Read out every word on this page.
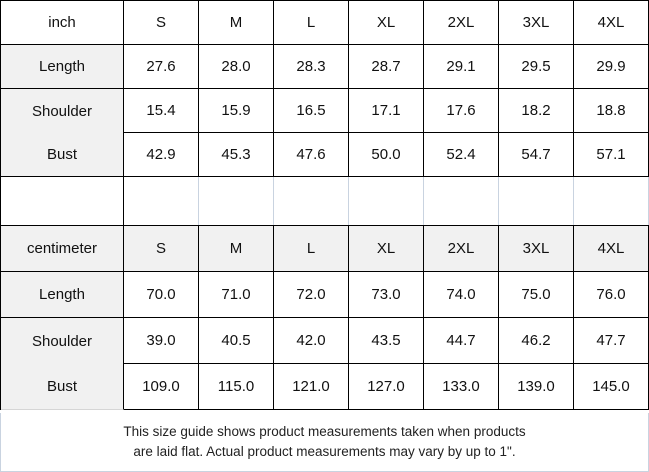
inch	S	M	L	XL	2XL	3XL	4XL
Length	27.6	28.0	28.3	28.7	29.1	29.5	29.9
Shoulder	15.4	15.9	16.5	17.1	17.6	18.2	18.8
Bust	42.9	45.3	47.6	50.0	52.4	54.7	57.1
centimeter	S	M	L	XL	2XL	3XL	4XL
Length	70.0	71.0	72.0	73.0	74.0	75.0	76.0
Shoulder	39.0	40.5	42.0	43.5	44.7	46.2	47.7
Bust	109.0	115.0	121.0	127.0	133.0	139.0	145.0
This size guide shows product measurements taken when products
are laid flat. Actual product measurements may vary by up to 1".
